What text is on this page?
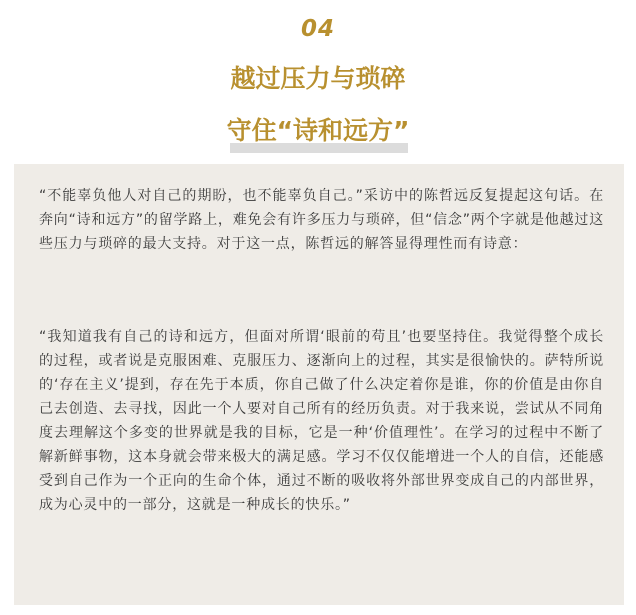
04
越过压力与琐碎
守住“诗和远方”

“不能辜负他人对自己的期盼，也不能辜负自己。”采访中的陈哲远反复提起这句话。在奔向“诗和远方”的留学路上，难免会有许多压力与琐碎，但“信念”两个字就是他越过这些压力与琐碎的最大支持。对于这一点，陈哲远的解答显得理性而有诗意：

“我知道我有自己的诗和远方，但面对所谓‘眼前的苟且’也要坚持住。我觉得整个成长的过程，或者说是克服困难、克服压力、逐渐向上的过程，其实是很愉快的。萨特所说的‘存在主义’提到，存在先于本质，你自己做了什么决定着你是谁，你的价值是由你自己去创造、去寻找，因此一个人要对自己所有的经历负责。对于我来说，尝试从不同角度去理解这个多变的世界就是我的目标，它是一种‘价值理性’。在学习的过程中不断了解新鲜事物，这本身就会带来极大的满足感。学习不仅仅能增进一个人的自信，还能感受到自己作为一个正向的生命个体，通过不断的吸收将外部世界变成自己的内部世界，成为心灵中的一部分，这就是一种成长的快乐。”
